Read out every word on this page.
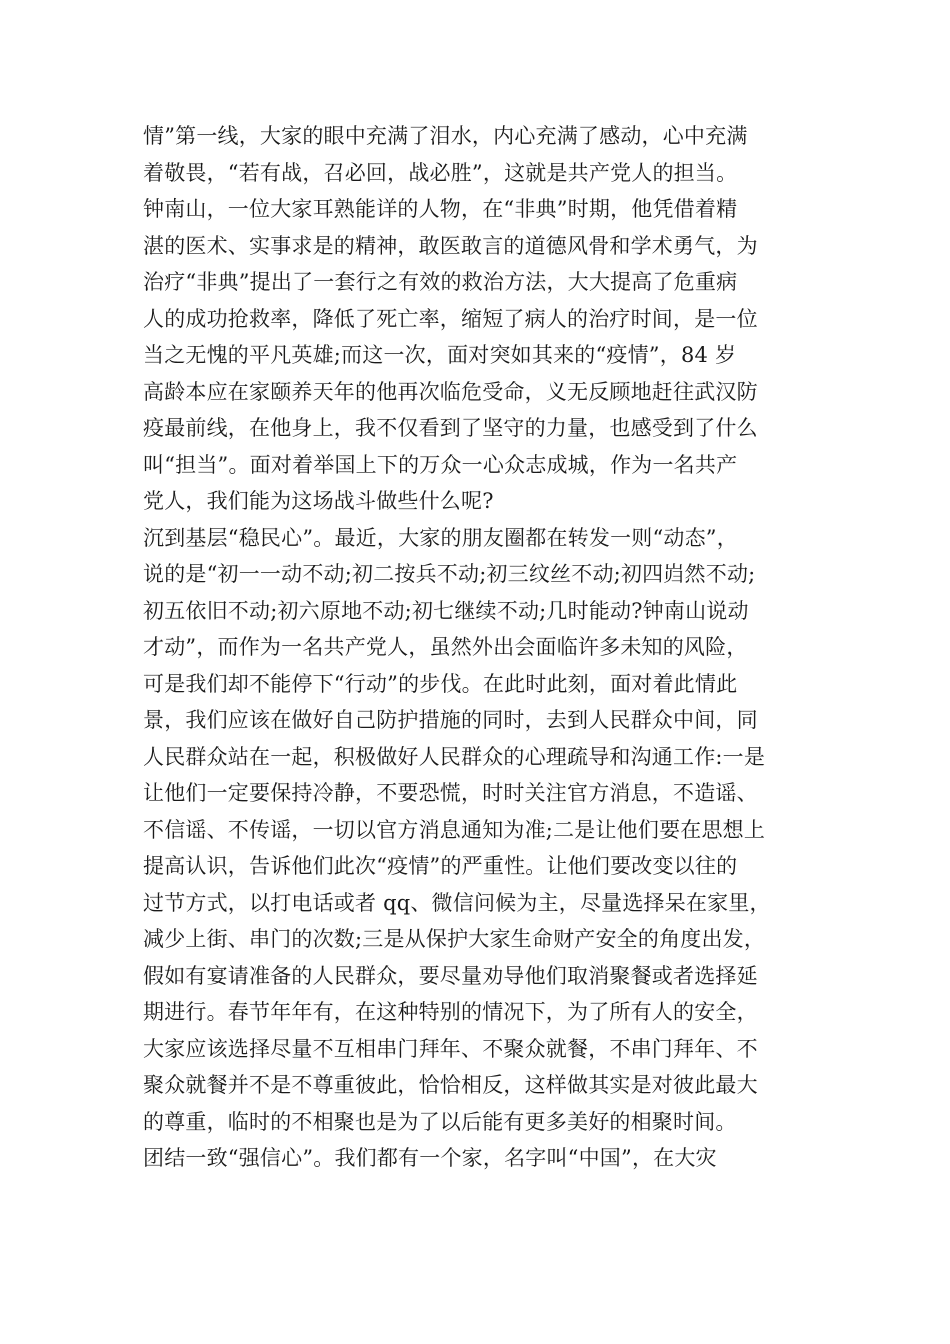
情”第一线，大家的眼中充满了泪水，内心充满了感动，心中充满
着敬畏，“若有战，召必回，战必胜”，这就是共产党人的担当。
钟南山，一位大家耳熟能详的人物，在“非典”时期，他凭借着精
湛的医术、实事求是的精神，敢医敢言的道德风骨和学术勇气，为
治疗“非典”提出了一套行之有效的救治方法，大大提高了危重病
人的成功抢救率，降低了死亡率，缩短了病人的治疗时间，是一位
当之无愧的平凡英雄;而这一次，面对突如其来的“疫情”，84 岁
高龄本应在家颐养天年的他再次临危受命，义无反顾地赶往武汉防
疫最前线，在他身上，我不仅看到了坚守的力量，也感受到了什么
叫“担当”。面对着举国上下的万众一心众志成城，作为一名共产
党人，我们能为这场战斗做些什么呢?
沉到基层“稳民心”。最近，大家的朋友圈都在转发一则“动态”，
说的是“初一一动不动;初二按兵不动;初三纹丝不动;初四岿然不动;
初五依旧不动;初六原地不动;初七继续不动;几时能动?钟南山说动
才动”，而作为一名共产党人，虽然外出会面临许多未知的风险，
可是我们却不能停下“行动”的步伐。在此时此刻，面对着此情此
景，我们应该在做好自己防护措施的同时，去到人民群众中间，同
人民群众站在一起，积极做好人民群众的心理疏导和沟通工作:一是
让他们一定要保持冷静，不要恐慌，时时关注官方消息，不造谣、
不信谣、不传谣，一切以官方消息通知为准;二是让他们要在思想上
提高认识，告诉他们此次“疫情”的严重性。让他们要改变以往的
过节方式，以打电话或者 qq、微信问候为主，尽量选择呆在家里，
减少上街、串门的次数;三是从保护大家生命财产安全的角度出发，
假如有宴请准备的人民群众，要尽量劝导他们取消聚餐或者选择延
期进行。春节年年有，在这种特别的情况下，为了所有人的安全，
大家应该选择尽量不互相串门拜年、不聚众就餐，不串门拜年、不
聚众就餐并不是不尊重彼此，恰恰相反，这样做其实是对彼此最大
的尊重，临时的不相聚也是为了以后能有更多美好的相聚时间。
团结一致“强信心”。我们都有一个家，名字叫“中国”，在大灾
